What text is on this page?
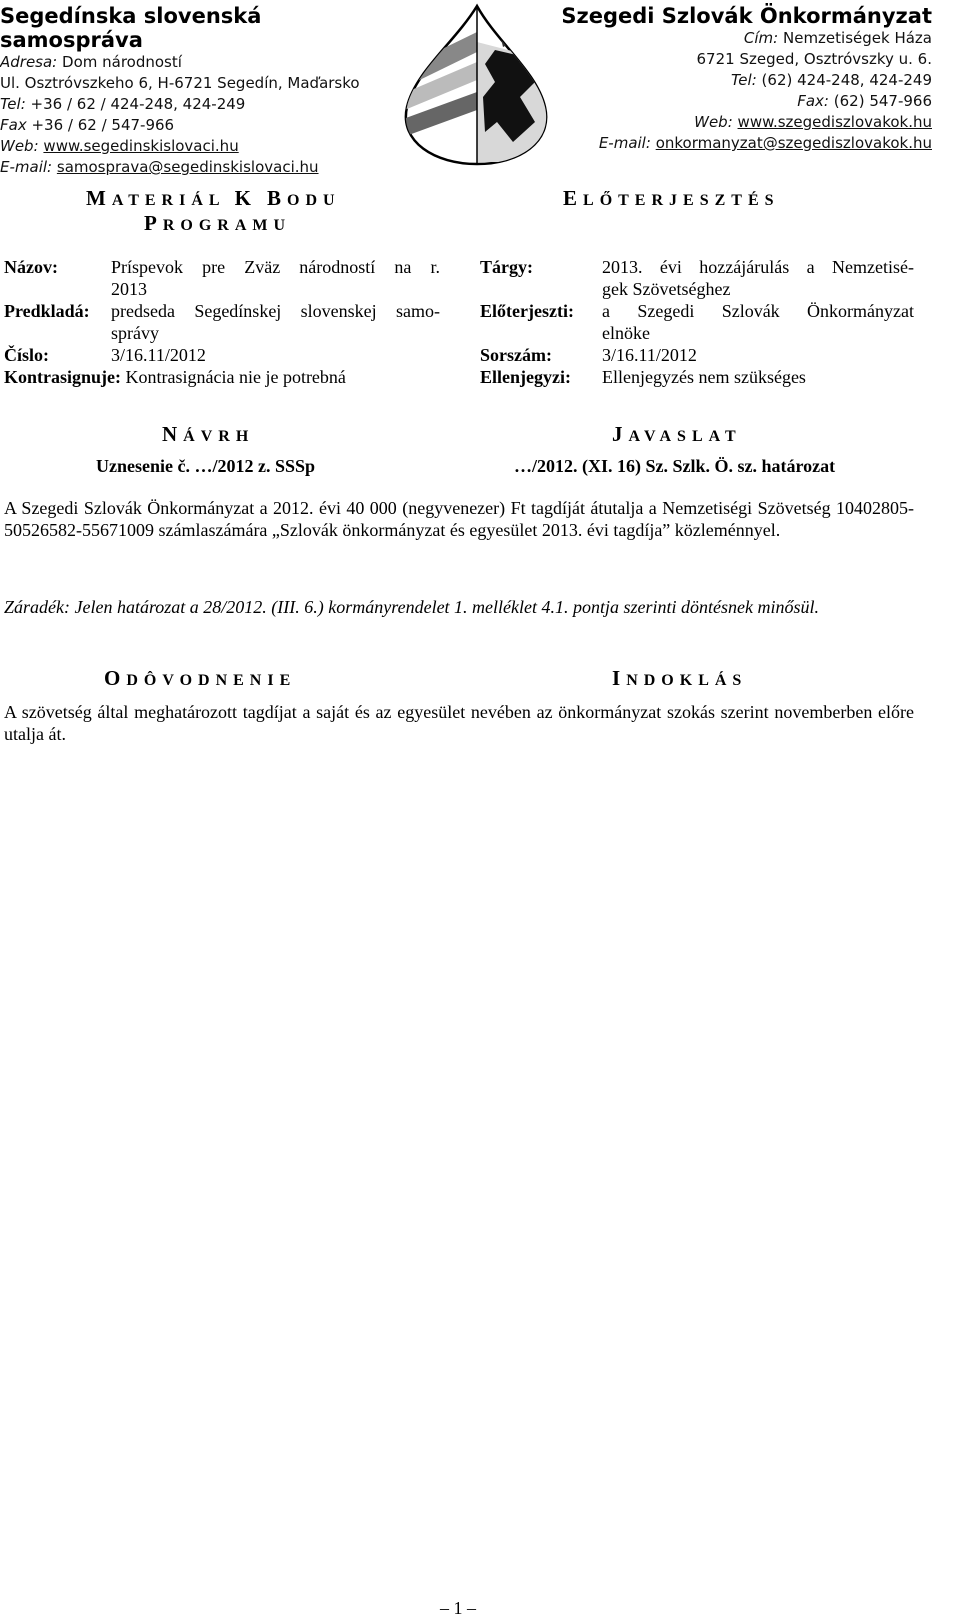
Segedínska slovenská samospráva
Adresa: Dom národností
Ul. Osztróvszkeho 6, H-6721 Segedín, Maďarsko
Tel: +36 / 62 / 424-248, 424-249
Fax +36 / 62 / 547-966
Web: www.segedinskislovaci.hu
E-mail: samosprava@segedinskislovaci.hu
Szegedi Szlovák Önkormányzat
Cím: Nemzetiségek Háza
6721 Szeged, Osztróvszky u. 6.
Tel: (62) 424-248, 424-249
Fax: (62) 547-966
Web: www.szegediszlovakok.hu
E-mail: onkormanyzat@szegediszlovakok.hu
MATERIÁL K BODU
PROGRAMU
ELŐTERJESZTÉS
Názov:	Príspevok pre Zväz národností na r.
2013
Predkladá:	predseda Segedínskej slovenskej samo-
správy
Číslo:	3/16.11/2012
Kontrasignuje: Kontrasignácia nie je potrebná
Tárgy:	2013. évi hozzájárulás a Nemzetisé-
gek Szövetséghez
Előterjeszti:	a Szegedi Szlovák Önkormányzat
elnöke
Sorszám:	3/16.11/2012
Ellenjegyzi:	Ellenjegyzés nem szükséges
NÁVRH	JAVASLAT
Uznesenie č. …/2012 z. SSSp	…/2012. (XI. 16) Sz. Szlk. Ö. sz. határozat
A Szegedi Szlovák Önkormányzat a 2012. évi 40 000 (negyvenezer) Ft tagdíját átutalja a Nemzetiségi Szövetség 10402805-50526582-55671009 számlaszámára „Szlovák önkormányzat és egyesület 2013. évi tagdíja” közleménnyel.
Záradék: Jelen határozat a 28/2012. (III. 6.) kormányrendelet 1. melléklet 4.1. pontja szerinti döntésnek minősül.
ODÔVODNENIE	INDOKLÁS
A szövetség által meghatározott tagdíjat a saját és az egyesület nevében az önkormányzat szokás szerint novemberben előre utalja át.
– 1 –
